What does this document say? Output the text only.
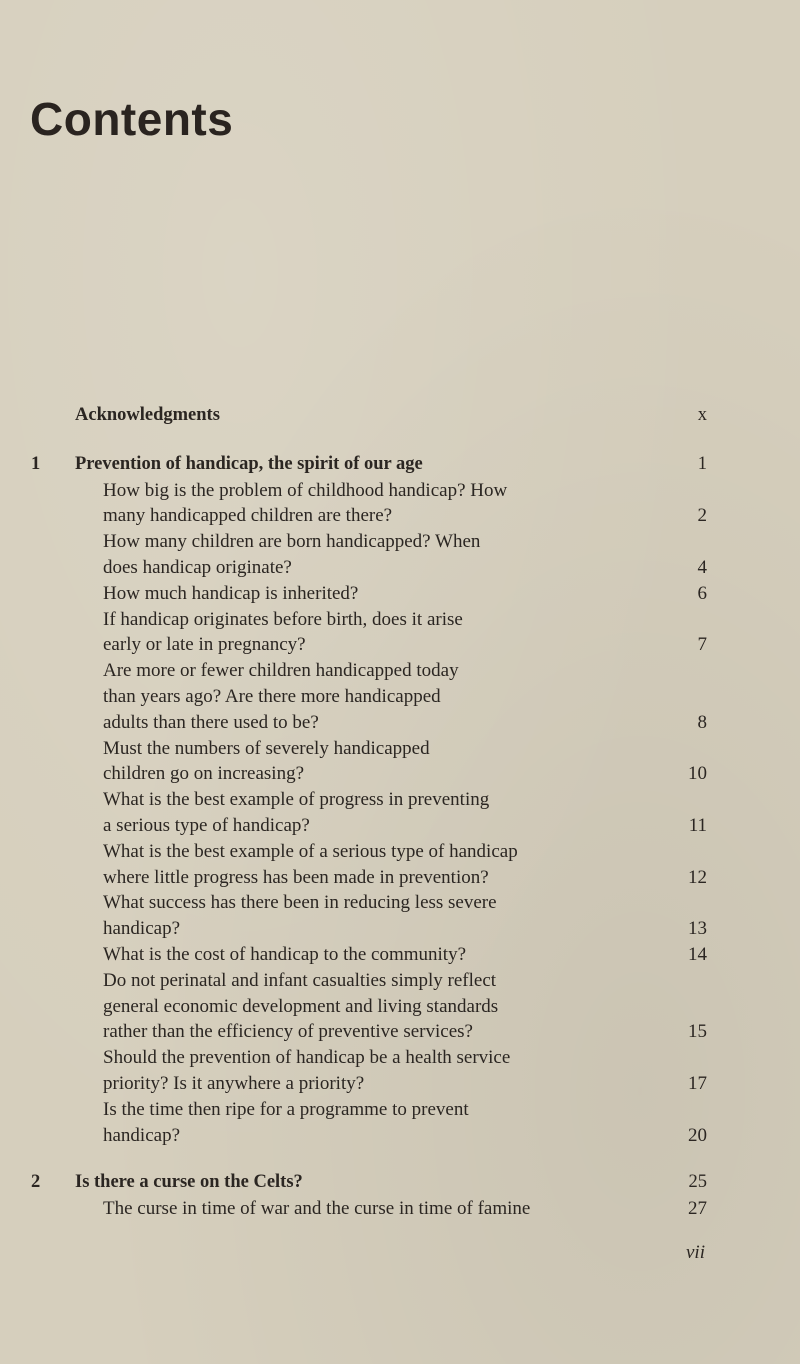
Contents
Acknowledgments	x
1 Prevention of handicap, the spirit of our age	1
How big is the problem of childhood handicap? How
many handicapped children are there?	2
How many children are born handicapped? When
does handicap originate?	4
How much handicap is inherited?	6
If handicap originates before birth, does it arise
early or late in pregnancy?	7
Are more or fewer children handicapped today
than years ago? Are there more handicapped
adults than there used to be?	8
Must the numbers of severely handicapped
children go on increasing?	10
What is the best example of progress in preventing
a serious type of handicap?	11
What is the best example of a serious type of handicap
where little progress has been made in prevention?	12
What success has there been in reducing less severe
handicap?	13
What is the cost of handicap to the community?	14
Do not perinatal and infant casualties simply reflect
general economic development and living standards
rather than the efficiency of preventive services?	15
Should the prevention of handicap be a health service
priority? Is it anywhere a priority?	17
Is the time then ripe for a programme to prevent
handicap?	20
2 Is there a curse on the Celts?	25
The curse in time of war and the curse in time of famine	27
vii
